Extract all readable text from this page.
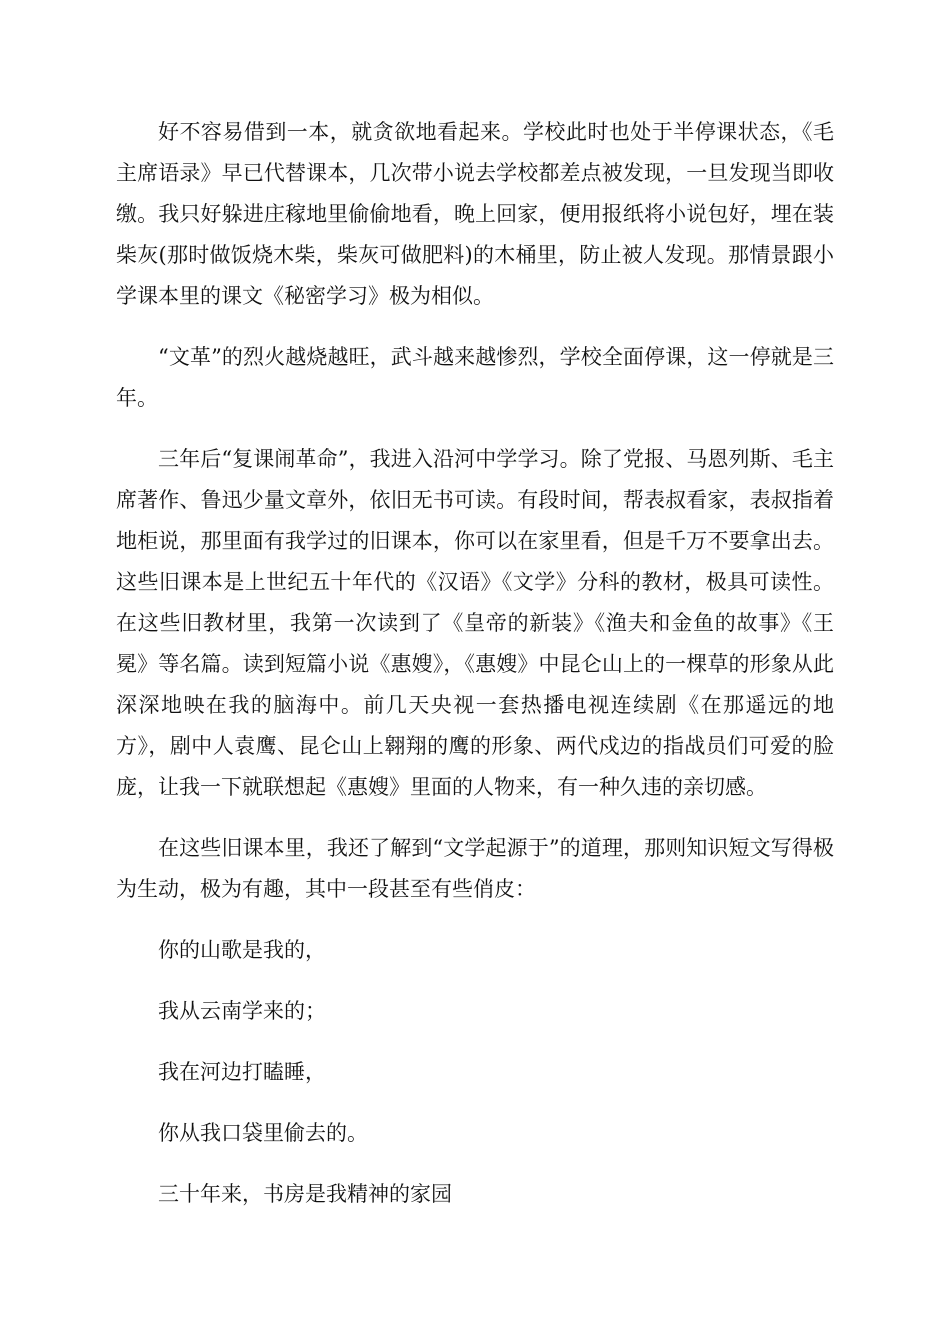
好不容易借到一本，就贪欲地看起来。学校此时也处于半停课状态，《毛主席语录》早已代替课本，几次带小说去学校都差点被发现，一旦发现当即收缴。我只好躲进庄稼地里偷偷地看，晚上回家，便用报纸将小说包好，埋在装柴灰(那时做饭烧木柴，柴灰可做肥料)的木桶里，防止被人发现。那情景跟小学课本里的课文《秘密学习》极为相似。

“文革”的烈火越烧越旺，武斗越来越惨烈，学校全面停课，这一停就是三年。

三年后“复课闹革命”，我进入沿河中学学习。除了党报、马恩列斯、毛主席著作、鲁迅少量文章外，依旧无书可读。有段时间，帮表叔看家，表叔指着地柜说，那里面有我学过的旧课本，你可以在家里看，但是千万不要拿出去。这些旧课本是上世纪五十年代的《汉语》《文学》分科的教材，极具可读性。在这些旧教材里，我第一次读到了《皇帝的新装》《渔夫和金鱼的故事》《王冕》等名篇。读到短篇小说《惠嫂》，《惠嫂》中昆仑山上的一棵草的形象从此深深地映在我的脑海中。前几天央视一套热播电视连续剧《在那遥远的地方》，剧中人袁鹰、昆仑山上翱翔的鹰的形象、两代戍边的指战员们可爱的脸庞，让我一下就联想起《惠嫂》里面的人物来，有一种久违的亲切感。

在这些旧课本里，我还了解到“文学起源于”的道理，那则知识短文写得极为生动，极为有趣，其中一段甚至有些俏皮：

你的山歌是我的，

我从云南学来的；

我在河边打瞌睡，

你从我口袋里偷去的。

三十年来，书房是我精神的家园
